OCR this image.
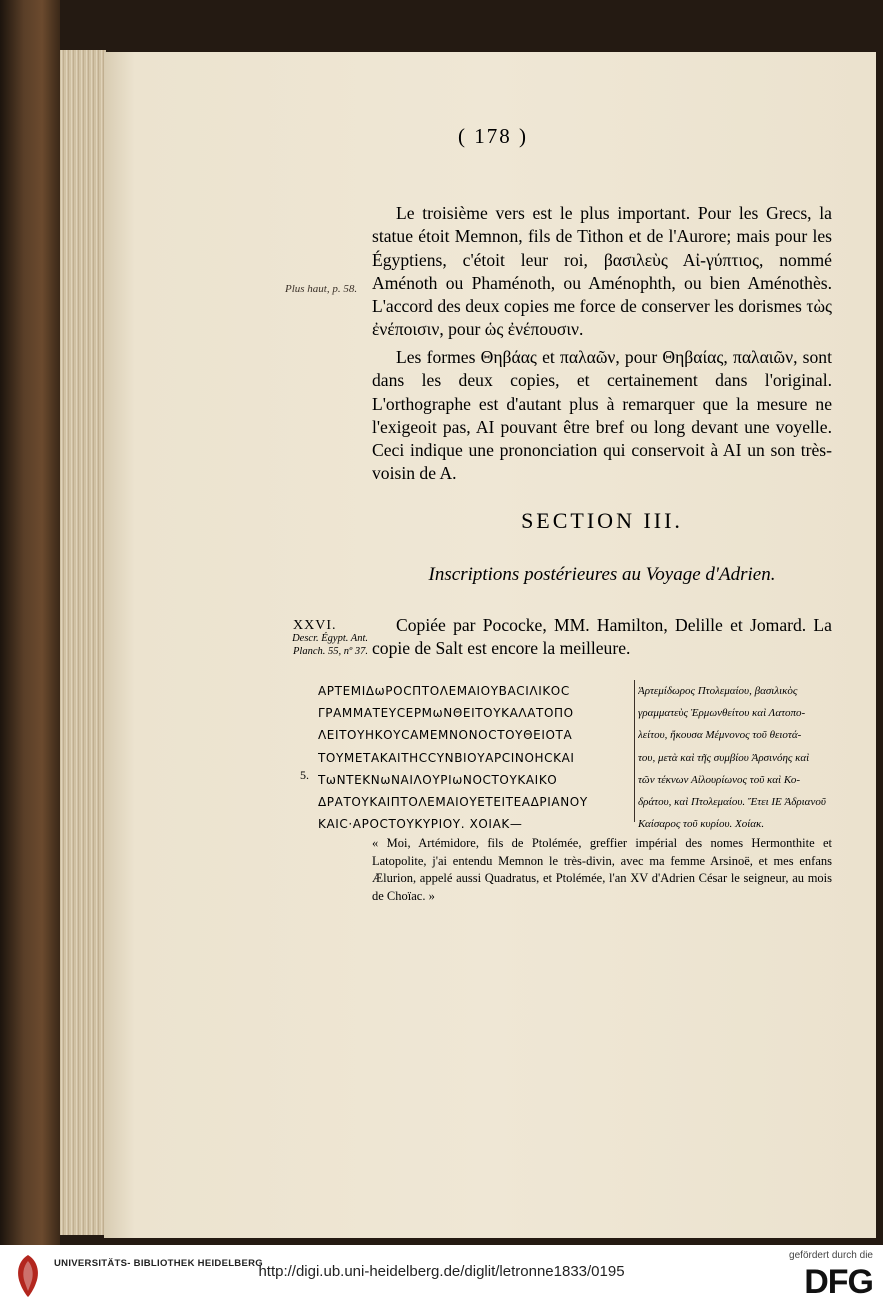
( 178 )

Le troisième vers est le plus important. Pour les Grecs, la statue étoit Memnon, fils de Tithon et de l'Aurore; mais pour les Égyptiens, c'étoit leur roi, βασιλεὺς Αἰ-γύπτιος, nommé Aménoth ou Phaménoth, ou Aménophth, ou bien Aménothès. L'accord des deux copies me force de conserver les dorismes τὼς ἐνέποισιν, pour ὡς ἐνέπουσιν.

Plus haut, p. 58.

Les formes Θηβάας et παλαῶν, pour Θηβαίας, παλαιῶν, sont dans les deux copies, et certainement dans l'original. L'orthographe est d'autant plus à remarquer que la mesure ne l'exigeoit pas, AI pouvant être bref ou long devant une voyelle. Ceci indique une prononciation qui conservoit à AI un son très-voisin de A.

SECTION III.
Inscriptions postérieures au Voyage d'Adrien.
XXVI.
Descr. Égypt. Ant. Planch. 55, nº 37.

Copiée par Pococke, MM. Hamilton, Delille et Jomard. La copie de Salt est encore la meilleure.

ΑΡΤΕΜΙΔωΡΟϹΠΤΟΛΕΜΑΙΟΥΒΑϹΙΛΙΚΟϹ
ΓΡΑΜΜΑΤΕΥϹΕΡΜωΝΘΕΙΤΟΥΚΑΛΑΤΟΠΟ
ΛΕΙΤΟΥΗΚΟΥϹΑΜΕΜΝΟΝΟϹΤΟΥΘΕΙΟΤΑ
ΤΟΥΜΕΤΑΚΑΙΤΗϹϹΥΝΒΙΟΥΑΡϹΙΝΟΗϹΚΑΙ
ΤωΝΤΕΚΝωΝΑΙΛΟΥΡΙωΝΟϹΤΟΥΚΑΙΚΟ
ΔΡΑΤΟΥΚΑΙΠΤΟΛΕΜΑΙΟΥΕΤΕΙΤΕΑΔΡΙΑΝΟΥ
ΚΑΙϹ·ΑΡΟϹΤΟΥΚΥΡΙΟΥ. ΧΟΙΑΚ—
5.
Ἀρτεμίδωρος Πτολεμαίου, βασιλικὸς
γραμματεὺς Ἑρμωνθείτου καὶ Λατοπο-
λείτου, ἤκουσα Μέμνονος τοῦ θειοτά-
του, μετὰ καὶ τῆς συμβίου Ἀρσινόης καὶ
τῶν τέκνων Αἰλουρίωνος τοῦ καὶ Κο-
δράτου, καὶ Πτολεμαίου. Ἔτει ΙΕ Ἀδριανοῦ
Καίσαρος τοῦ κυρίου. Χοίακ.

« Moi, Artémidore, fils de Ptolémée, greffier impérial des nomes Hermonthite et Latopolite, j'ai entendu Memnon le très-divin, avec ma femme Arsinoë, et mes enfans Ælurion, appelé aussi Quadratus, et Ptolémée, l'an XV d'Adrien César le seigneur, au mois de Choïac. »

UNIVERSITÄTS- BIBLIOTHEK HEIDELBERG
http://digi.ub.uni-heidelberg.de/diglit/letronne1833/0195
gefördert durch die
DFG
